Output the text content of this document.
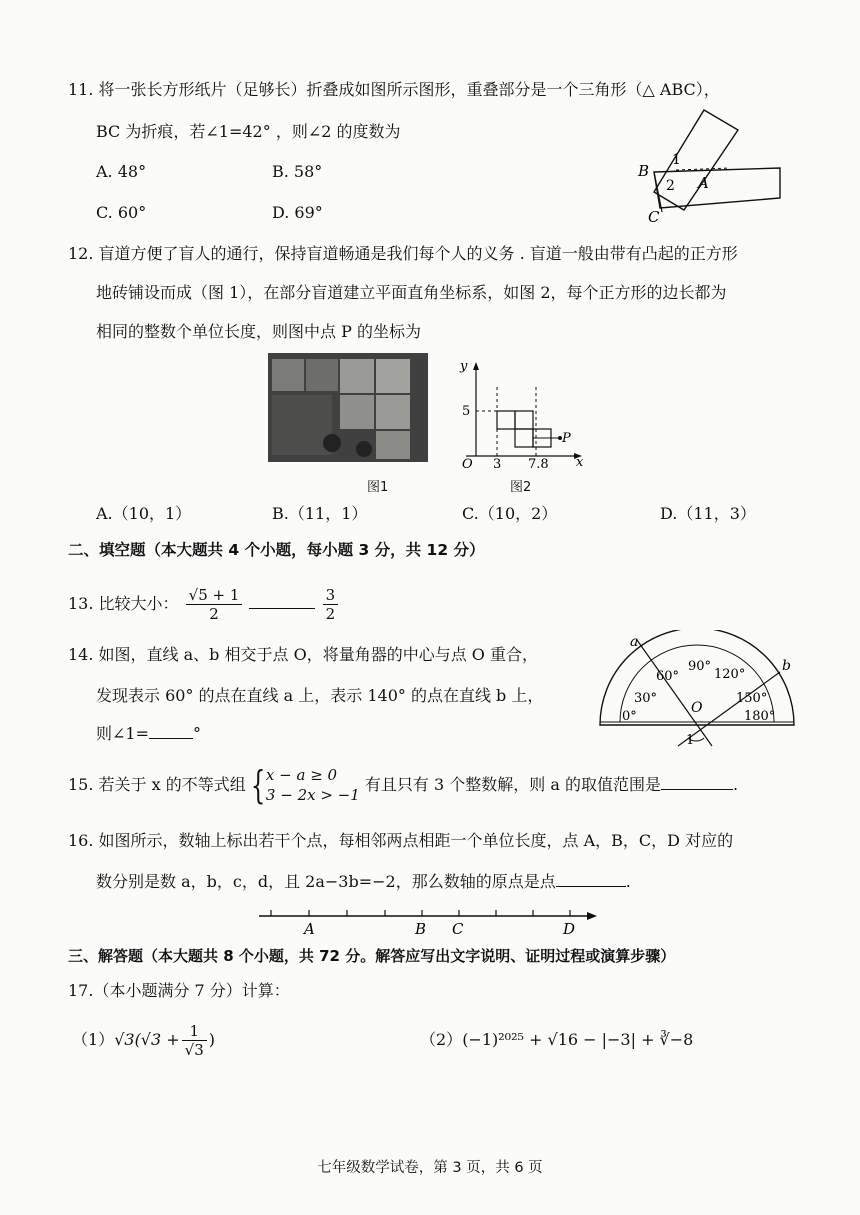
11. 将一张长方形纸片（足够长）折叠成如图所示图形，重叠部分是一个三角形（△ ABC），
BC 为折痕，若∠1=42° ，则∠2 的度数为
A. 48°	B. 58°
C. 60°	D. 69°
B
A
C
1
2
12. 盲道方便了盲人的通行，保持盲道畅通是我们每个人的义务 . 盲道一般由带有凸起的正方形
地砖铺设而成（图 1），在部分盲道建立平面直角坐标系，如图 2，每个正方形的边长都为
相同的整数个单位长度，则图中点 P 的坐标为
y
x
O
5
3 7.8
P
图1	图2
A.（10，1）	B.（11，1）	C.（10，2）	D.（11，3）
二、填空题（本大题共 4 个小题，每小题 3 分，共 12 分）
13. 比较大小： $\frac{√5 + 1}{2}$
	$\frac{3}{2}$
14. 如图，直线 a、b 相交于点 O，将量角器的中心与点 O 重合，
发现表示 60° 的点在直线 a 上，表示 140° 的点在直线 b 上，
则∠1=	°
a
b
O
1
0°
30°
60°
90°
120°
150°
180°
15. 若关于 x 的不等式组 { x − a ≥ 0
3 − 2x > −1
有且只有 3 个整数解，则 a 的取值范围是	.
16. 如图所示，数轴上标出若干个点，每相邻两点相距一个单位长度，点 A，B，C，D 对应的
数分别是数 a，b，c，d，且 2a−3b=−2，那么数轴的原点是点	.
A	B C	D
三、解答题（本大题共 8 个小题，共 72 分。解答应写出文字说明、证明过程或演算步骤）
17.（本小题满分 7 分）计算：
$(1)√3(√3 + \frac{1}{√3}$ )	（2）(−1)²⁰²⁵ + √16 − |−3| + ∛−8
七年级数学试卷，第 3 页，共 6 页
